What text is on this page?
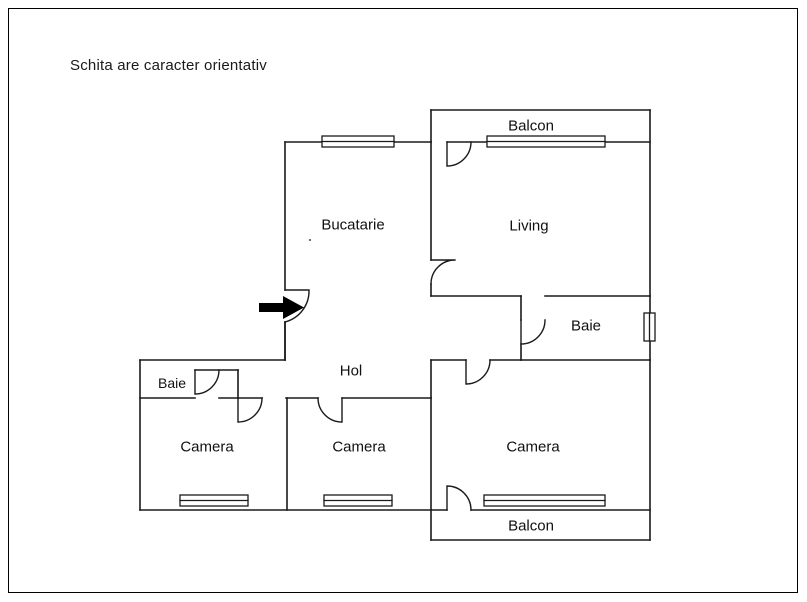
Schita are caracter orientativ
Bucatarie	Living
Balcon
Baie
Baie
Hol
Camera	Camera	Camera
Balcon
